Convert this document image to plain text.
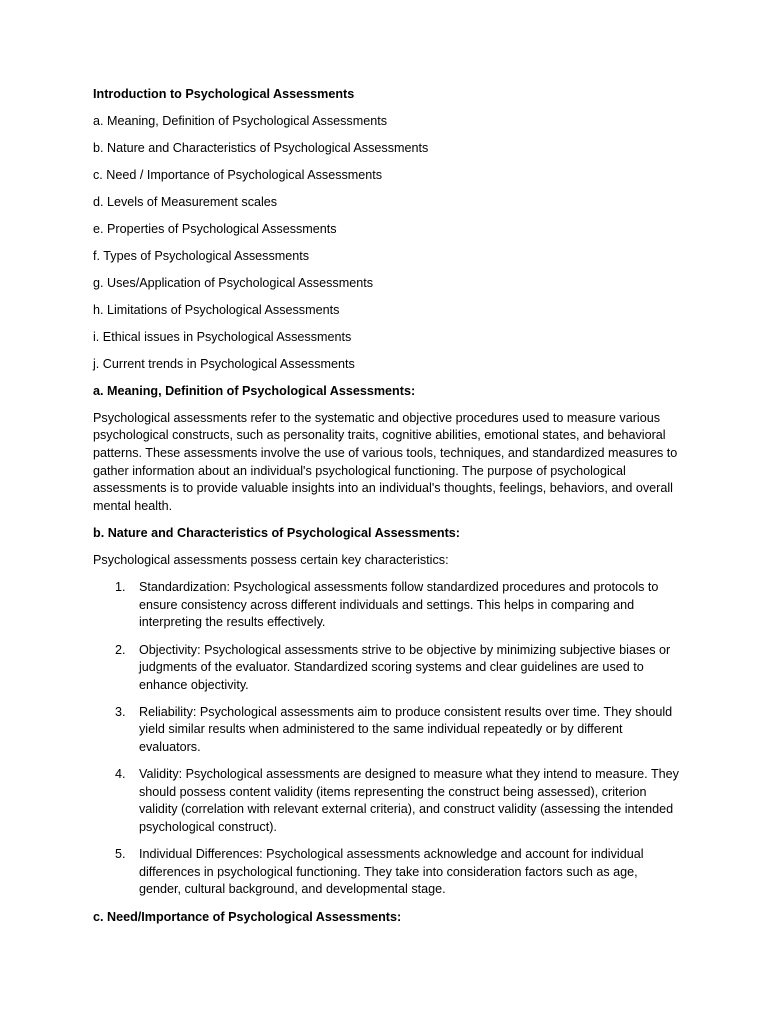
Introduction to Psychological Assessments
a. Meaning, Definition of Psychological Assessments
b. Nature and Characteristics of Psychological Assessments
c. Need / Importance of Psychological Assessments
d. Levels of Measurement scales
e. Properties of Psychological Assessments
f. Types of Psychological Assessments
g. Uses/Application of Psychological Assessments
h. Limitations of Psychological Assessments
i. Ethical issues in Psychological Assessments
j. Current trends in Psychological Assessments
a. Meaning, Definition of Psychological Assessments:

Psychological assessments refer to the systematic and objective procedures used to measure various psychological constructs, such as personality traits, cognitive abilities, emotional states, and behavioral patterns. These assessments involve the use of various tools, techniques, and standardized measures to gather information about an individual's psychological functioning. The purpose of psychological assessments is to provide valuable insights into an individual's thoughts, feelings, behaviors, and overall mental health.

b. Nature and Characteristics of Psychological Assessments:

Psychological assessments possess certain key characteristics:

1. Standardization: Psychological assessments follow standardized procedures and protocols to ensure consistency across different individuals and settings. This helps in comparing and interpreting the results effectively.
2. Objectivity: Psychological assessments strive to be objective by minimizing subjective biases or judgments of the evaluator. Standardized scoring systems and clear guidelines are used to enhance objectivity.
3. Reliability: Psychological assessments aim to produce consistent results over time. They should yield similar results when administered to the same individual repeatedly or by different evaluators.
4. Validity: Psychological assessments are designed to measure what they intend to measure. They should possess content validity (items representing the construct being assessed), criterion validity (correlation with relevant external criteria), and construct validity (assessing the intended psychological construct).
5. Individual Differences: Psychological assessments acknowledge and account for individual differences in psychological functioning. They take into consideration factors such as age, gender, cultural background, and developmental stage.
c. Need/Importance of Psychological Assessments:
